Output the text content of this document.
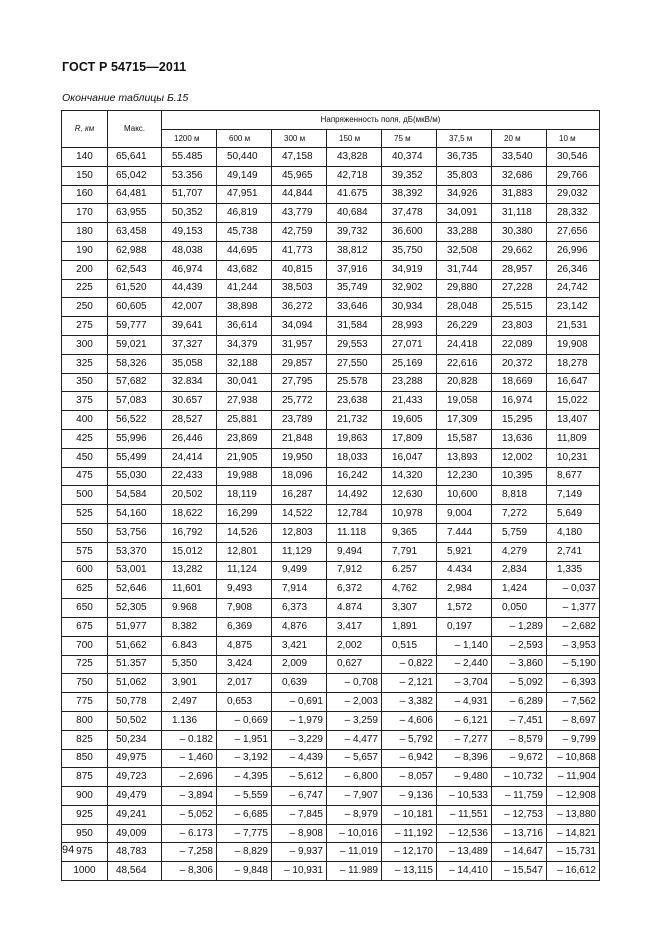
ГОСТ Р 54715—2011
Окончание таблицы Б.15
R, км	Макс.	Напряженность поля, дБ(мкВ/м)							
		1200 м	600 м	300 м	150 м	75 м	37,5 м	20 м	10 м
140	65,641	55.485	50,440	47,158	43,828	40,374	36,735	33,540	30,546
150	65,042	53.356	49,149	45,965	42,718	39,352	35,803	32,686	29,766
160	64,481	51,707	47,951	44,844	41.675	38,392	34,926	31,883	29,032
170	63,955	50,352	46,819	43,779	40,684	37,478	34,091	31,118	28,332
180	63,458	49,153	45,738	42,759	39,732	36,600	33,288	30,380	27,656
190	62,988	48,038	44,695	41,773	38,812	35,750	32,508	29,662	26,996
200	62,543	46,974	43,682	40,815	37,916	34,919	31,744	28,957	26,346
225	61,520	44,439	41,244	38,503	35,749	32,902	29,880	27,228	24,742
250	60,605	42,007	38,898	36,272	33,646	30,934	28,048	25,515	23,142
275	59,777	39,641	36,614	34,094	31,584	28,993	26,229	23,803	21,531
300	59,021	37,327	34,379	31,957	29,553	27,071	24,418	22,089	19,908
325	58,326	35,058	32,188	29,857	27,550	25,169	22,616	20,372	18,278
350	57,682	32.834	30,041	27,795	25.578	23,288	20,828	18,669	16,647
375	57,083	30.657	27,938	25,772	23,638	21,433	19,058	16,974	15,022
400	56,522	28,527	25,881	23,789	21,732	19,605	17,309	15,295	13,407
425	55,996	26,446	23,869	21,848	19,863	17,809	15,587	13,636	11,809
450	55,499	24,414	21,905	19,950	18,033	16,047	13,893	12,002	10,231
475	55,030	22,433	19,988	18,096	16,242	14,320	12,230	10,395	8,677
500	54,584	20,502	18,119	16,287	14,492	12,630	10,600	8,818	7,149
525	54,160	18,622	16,299	14,522	12,784	10,978	9,004	7,272	5,649
550	53,756	16,792	14,526	12,803	11.118	9,365	7.444	5,759	4,180
575	53,370	15,012	12,801	11,129	9,494	7,791	5,921	4,279	2,741
600	53,001	13,282	11,124	9,499	7,912	6.257	4.434	2,834	1,335
625	52,646	11,601	9,493	7,914	6,372	4,762	2,984	1,424	– 0,037
650	52,305	9.968	7,908	6,373	4.874	3,307	1,572	0,050	– 1,377
675	51,977	8,382	6,369	4,876	3,417	1,891	0,197	– 1,289	– 2,682
700	51,662	6.843	4,875	3,421	2,002	0,515	– 1,140	– 2,593	– 3,953
725	51.357	5,350	3,424	2,009	0,627	– 0,822	– 2,440	– 3,860	– 5,190
750	51,062	3,901	2,017	0,639	– 0,708	– 2,121	– 3,704	– 5,092	– 6,393
775	50,778	2,497	0,653	– 0,691	– 2,003	– 3,382	– 4,931	– 6,289	– 7,562
800	50,502	1.136	– 0,669	– 1,979	– 3,259	– 4,606	– 6,121	– 7,451	– 8,697
825	50,234	– 0.182	– 1,951	– 3,229	– 4,477	– 5,792	– 7,277	– 8,579	– 9,799
850	49,975	– 1,460	– 3,192	– 4,439	– 5,657	– 6,942	– 8,396	– 9,672	– 10,868
875	49,723	– 2,696	– 4,395	– 5,612	– 6,800	– 8,057	– 9,480	– 10,732	– 11,904
900	49,479	– 3,894	– 5,559	– 6,747	– 7,907	– 9,136	– 10,533	– 11,759	– 12,908
925	49,241	– 5,052	– 6,685	– 7,845	– 8,979	– 10,181	– 11,551	– 12,753	– 13,880
950	49,009	– 6.173	– 7,775	– 8,908	– 10,016	– 11,192	– 12,536	– 13,716	– 14,821
975	48,783	– 7,258	– 8,829	– 9,937	– 11,019	– 12,170	– 13,489	– 14,647	– 15,731
1000	48,564	– 8,306	– 9,848	– 10,931	– 11.989	– 13,115	– 14,410	– 15,547	– 16,612
94
